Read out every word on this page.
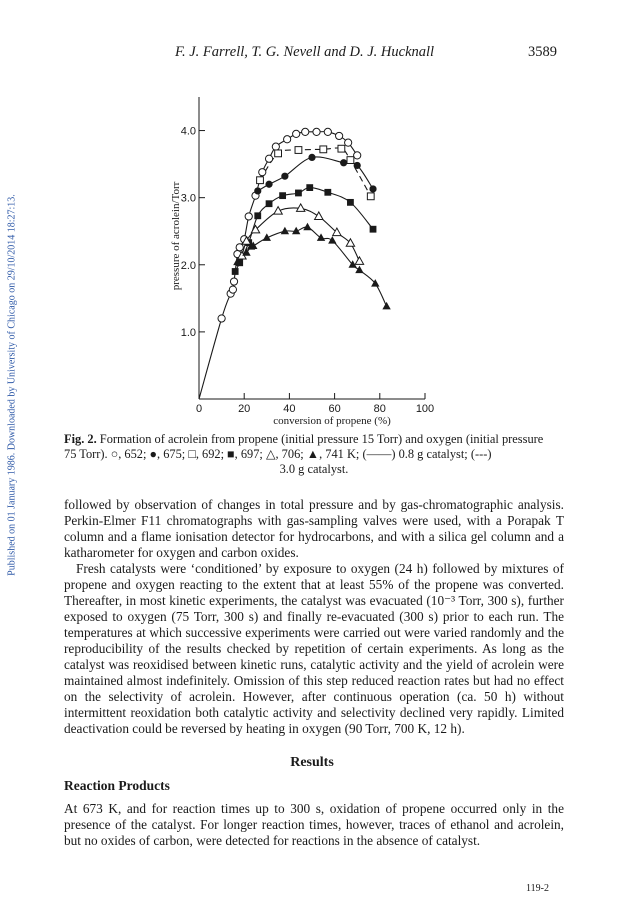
F. J. Farrell, T. G. Nevell and D. J. Hucknall	3589
Published on 01 January 1986. Downloaded by University of Chicago on 29/10/2014 18:27:13.	0	20	40	60	80	100
1.0
2.0
3.0
4.0
conversion of propene (%)
pressure of acrolein/Torr
Fig. 2. Formation of acrolein from propene (initial pressure 15 Torr) and oxygen (initial pressure
75 Torr). ○, 652; ●, 675; □, 692; ■, 697; △, 706; ▲, 741 K; (——) 0.8 g catalyst; (---)
3.0 g catalyst.

followed by observation of changes in total pressure and by gas-chromatographic analysis. Perkin-Elmer F11 chromatographs with gas-sampling valves were used, with a Porapak T column and a flame ionisation detector for hydrocarbons, and with a silica gel column and a katharometer for oxygen and carbon oxides.

Fresh catalysts were ‘conditioned’ by exposure to oxygen (24 h) followed by mixtures of propene and oxygen reacting to the extent that at least 55% of the propene was converted. Thereafter, in most kinetic experiments, the catalyst was evacuated (10⁻³ Torr, 300 s), further exposed to oxygen (75 Torr, 300 s) and finally re-evacuated (300 s) prior to each run. The temperatures at which successive experiments were carried out were varied randomly and the reproducibility of the results checked by repetition of certain experiments. As long as the catalyst was reoxidised between kinetic runs, catalytic activity and the yield of acrolein were maintained almost indefinitely. Omission of this step reduced reaction rates but had no effect on the selectivity of acrolein. However, after continuous operation (ca. 50 h) without intermittent reoxidation both catalytic activity and selectivity declined very rapidly. Limited deactivation could be reversed by heating in oxygen (90 Torr, 700 K, 12 h).

Results
Reaction Products

At 673 K, and for reaction times up to 300 s, oxidation of propene occurred only in the presence of the catalyst. For longer reaction times, however, traces of ethanol and acrolein, but no oxides of carbon, were detected for reactions in the absence of catalyst.

119-2
